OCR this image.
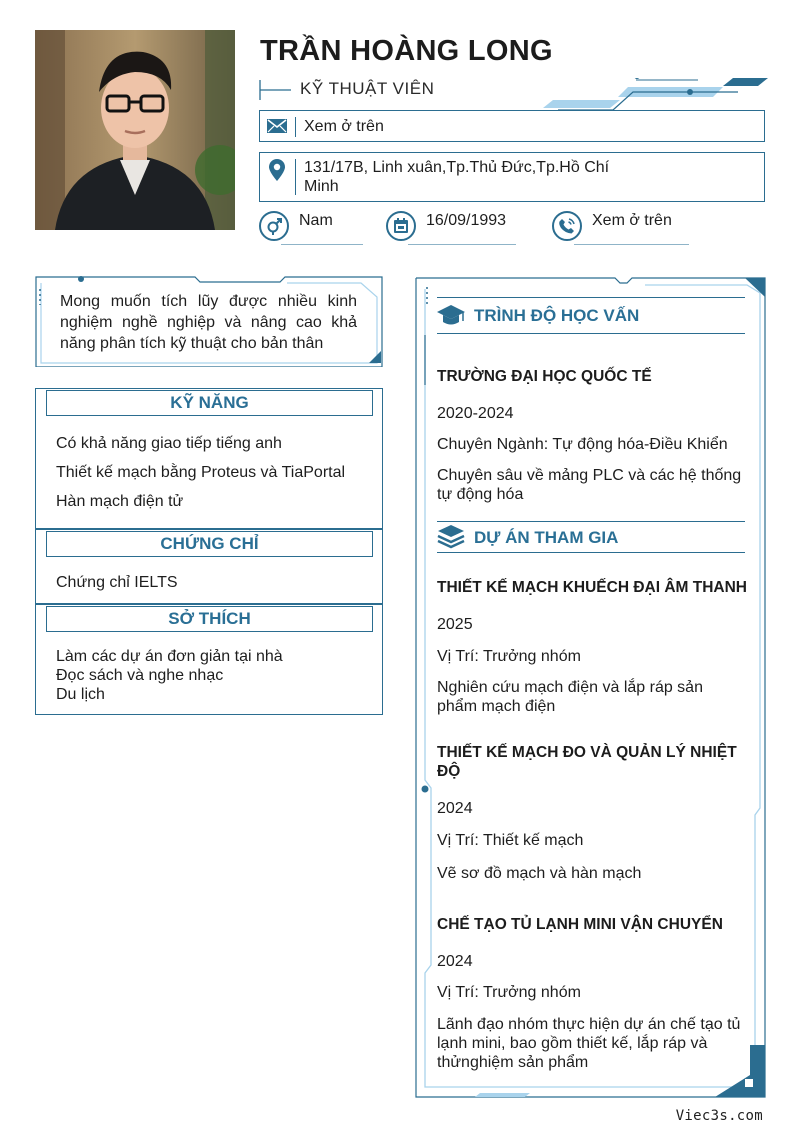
TRẦN HOÀNG LONG
KỸ THUẬT VIÊN
Xem ở trên
131/17B, Linh xuân,Tp.Thủ Đức,Tp.Hồ Chí Minh
Nam	16/09/1993	Xem ở trên
Mong muốn tích lũy được nhiều kinh nghiệm nghề nghiệp và nâng cao khả năng phân tích kỹ thuật cho bản thân
KỸ NĂNG
Có khả năng giao tiếp tiếng anh
Thiết kế mạch bằng Proteus và TiaPortal
Hàn mạch điện tử
CHỨNG CHỈ
Chứng chỉ IELTS
SỞ THÍCH
Làm các dự án đơn giản tại nhà
Đọc sách và nghe nhạc
Du lịch
TRÌNH ĐỘ HỌC VẤN
TRƯỜNG ĐẠI HỌC QUỐC TẾ
2020-2024
Chuyên Ngành: Tự động hóa-Điều Khiển
Chuyên sâu về mảng PLC và các hệ thống tự động hóa
DỰ ÁN THAM GIA
THIẾT KẾ MẠCH KHUẾCH ĐẠI ÂM THANH
2025
Vị Trí: Trưởng nhóm
Nghiên cứu mạch điện và lắp ráp sản phẩm mạch điện
THIẾT KẾ MẠCH ĐO VÀ QUẢN LÝ NHIỆT ĐỘ
2024
Vị Trí: Thiết kế mạch
Vẽ sơ đồ mạch và hàn mạch
CHẾ TẠO TỦ LẠNH MINI VẬN CHUYỂN
2024
Vị Trí: Trưởng nhóm
Lãnh đạo nhóm thực hiện dự án chế tạo tủ lạnh mini, bao gồm thiết kế, lắp ráp và thửnghiệm sản phẩm
Viec3s.com
